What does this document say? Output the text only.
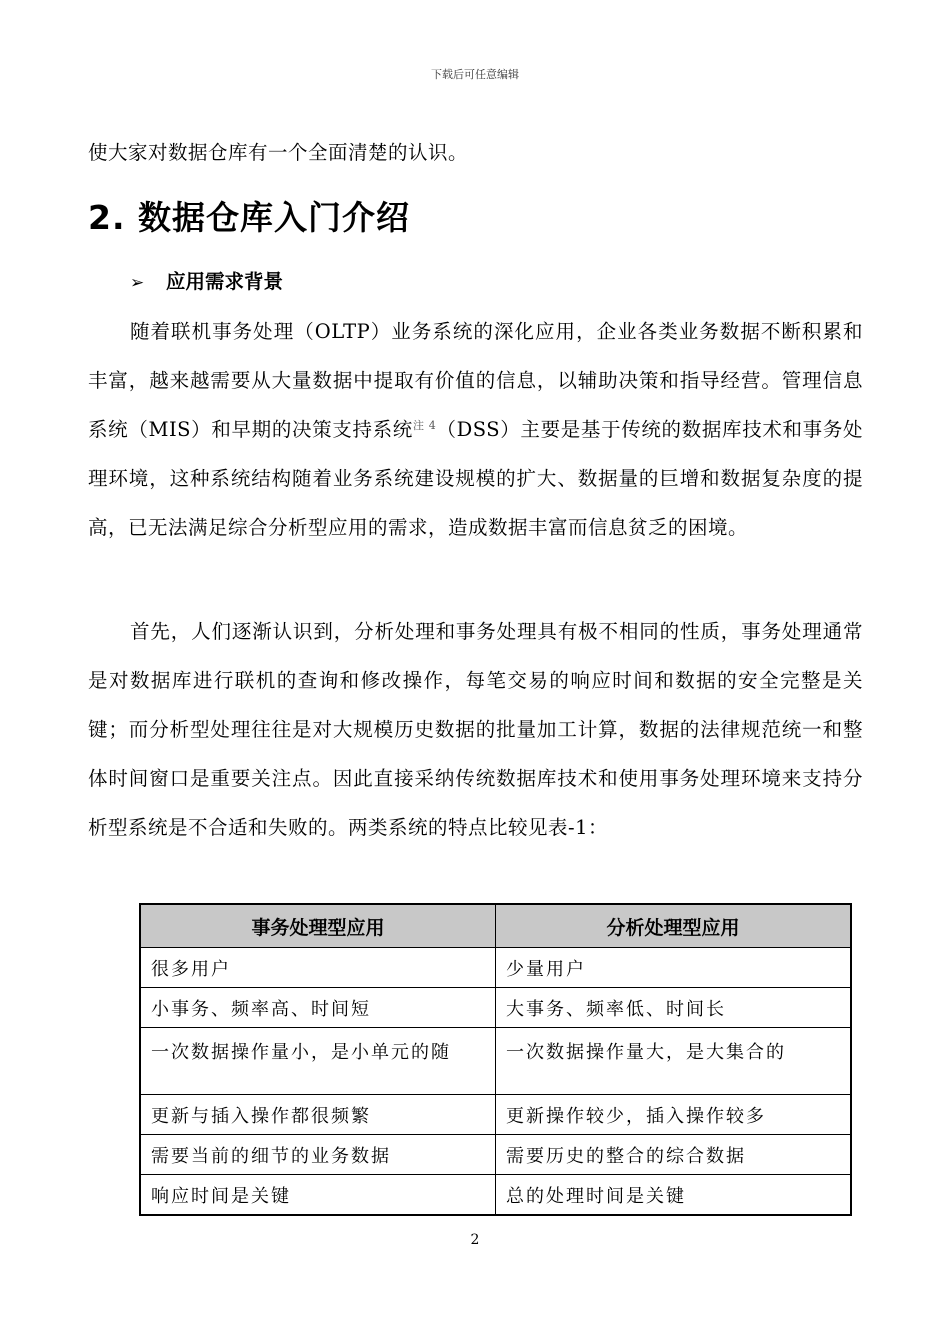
下载后可任意编辑
使大家对数据仓库有一个全面清楚的认识。
2. 数据仓库入门介绍
➢ 应用需求背景
随着联机事务处理（OLTP）业务系统的深化应用，企业各类业务数据不断积累和丰富，越来越需要从大量数据中提取有价值的信息，以辅助决策和指导经营。管理信息系统（MIS）和早期的决策支持系统$^{注 4}$（DSS）主要是基于传统的数据库技术和事务处理环境，这种系统结构随着业务系统建设规模的扩大、数据量的巨增和数据复杂度的提高，已无法满足综合分析型应用的需求，造成数据丰富而信息贫乏的困境。
首先，人们逐渐认识到，分析处理和事务处理具有极不相同的性质，事务处理通常是对数据库进行联机的查询和修改操作，每笔交易的响应时间和数据的安全完整是关键；而分析型处理往往是对大规模历史数据的批量加工计算，数据的法律规范统一和整体时间窗口是重要关注点。因此直接采纳传统数据库技术和使用事务处理环境来支持分析型系统是不合适和失败的。两类系统的特点比较见表-1：
事务处理型应用	分析处理型应用
很多用户	少量用户
小事务、频率高、时间短	大事务、频率低、时间长
一次数据操作量小，是小单元的随	一次数据操作量大，是大集合的
更新与插入操作都很频繁	更新操作较少，插入操作较多
需要当前的细节的业务数据	需要历史的整合的综合数据
响应时间是关键	总的处理时间是关键
2
